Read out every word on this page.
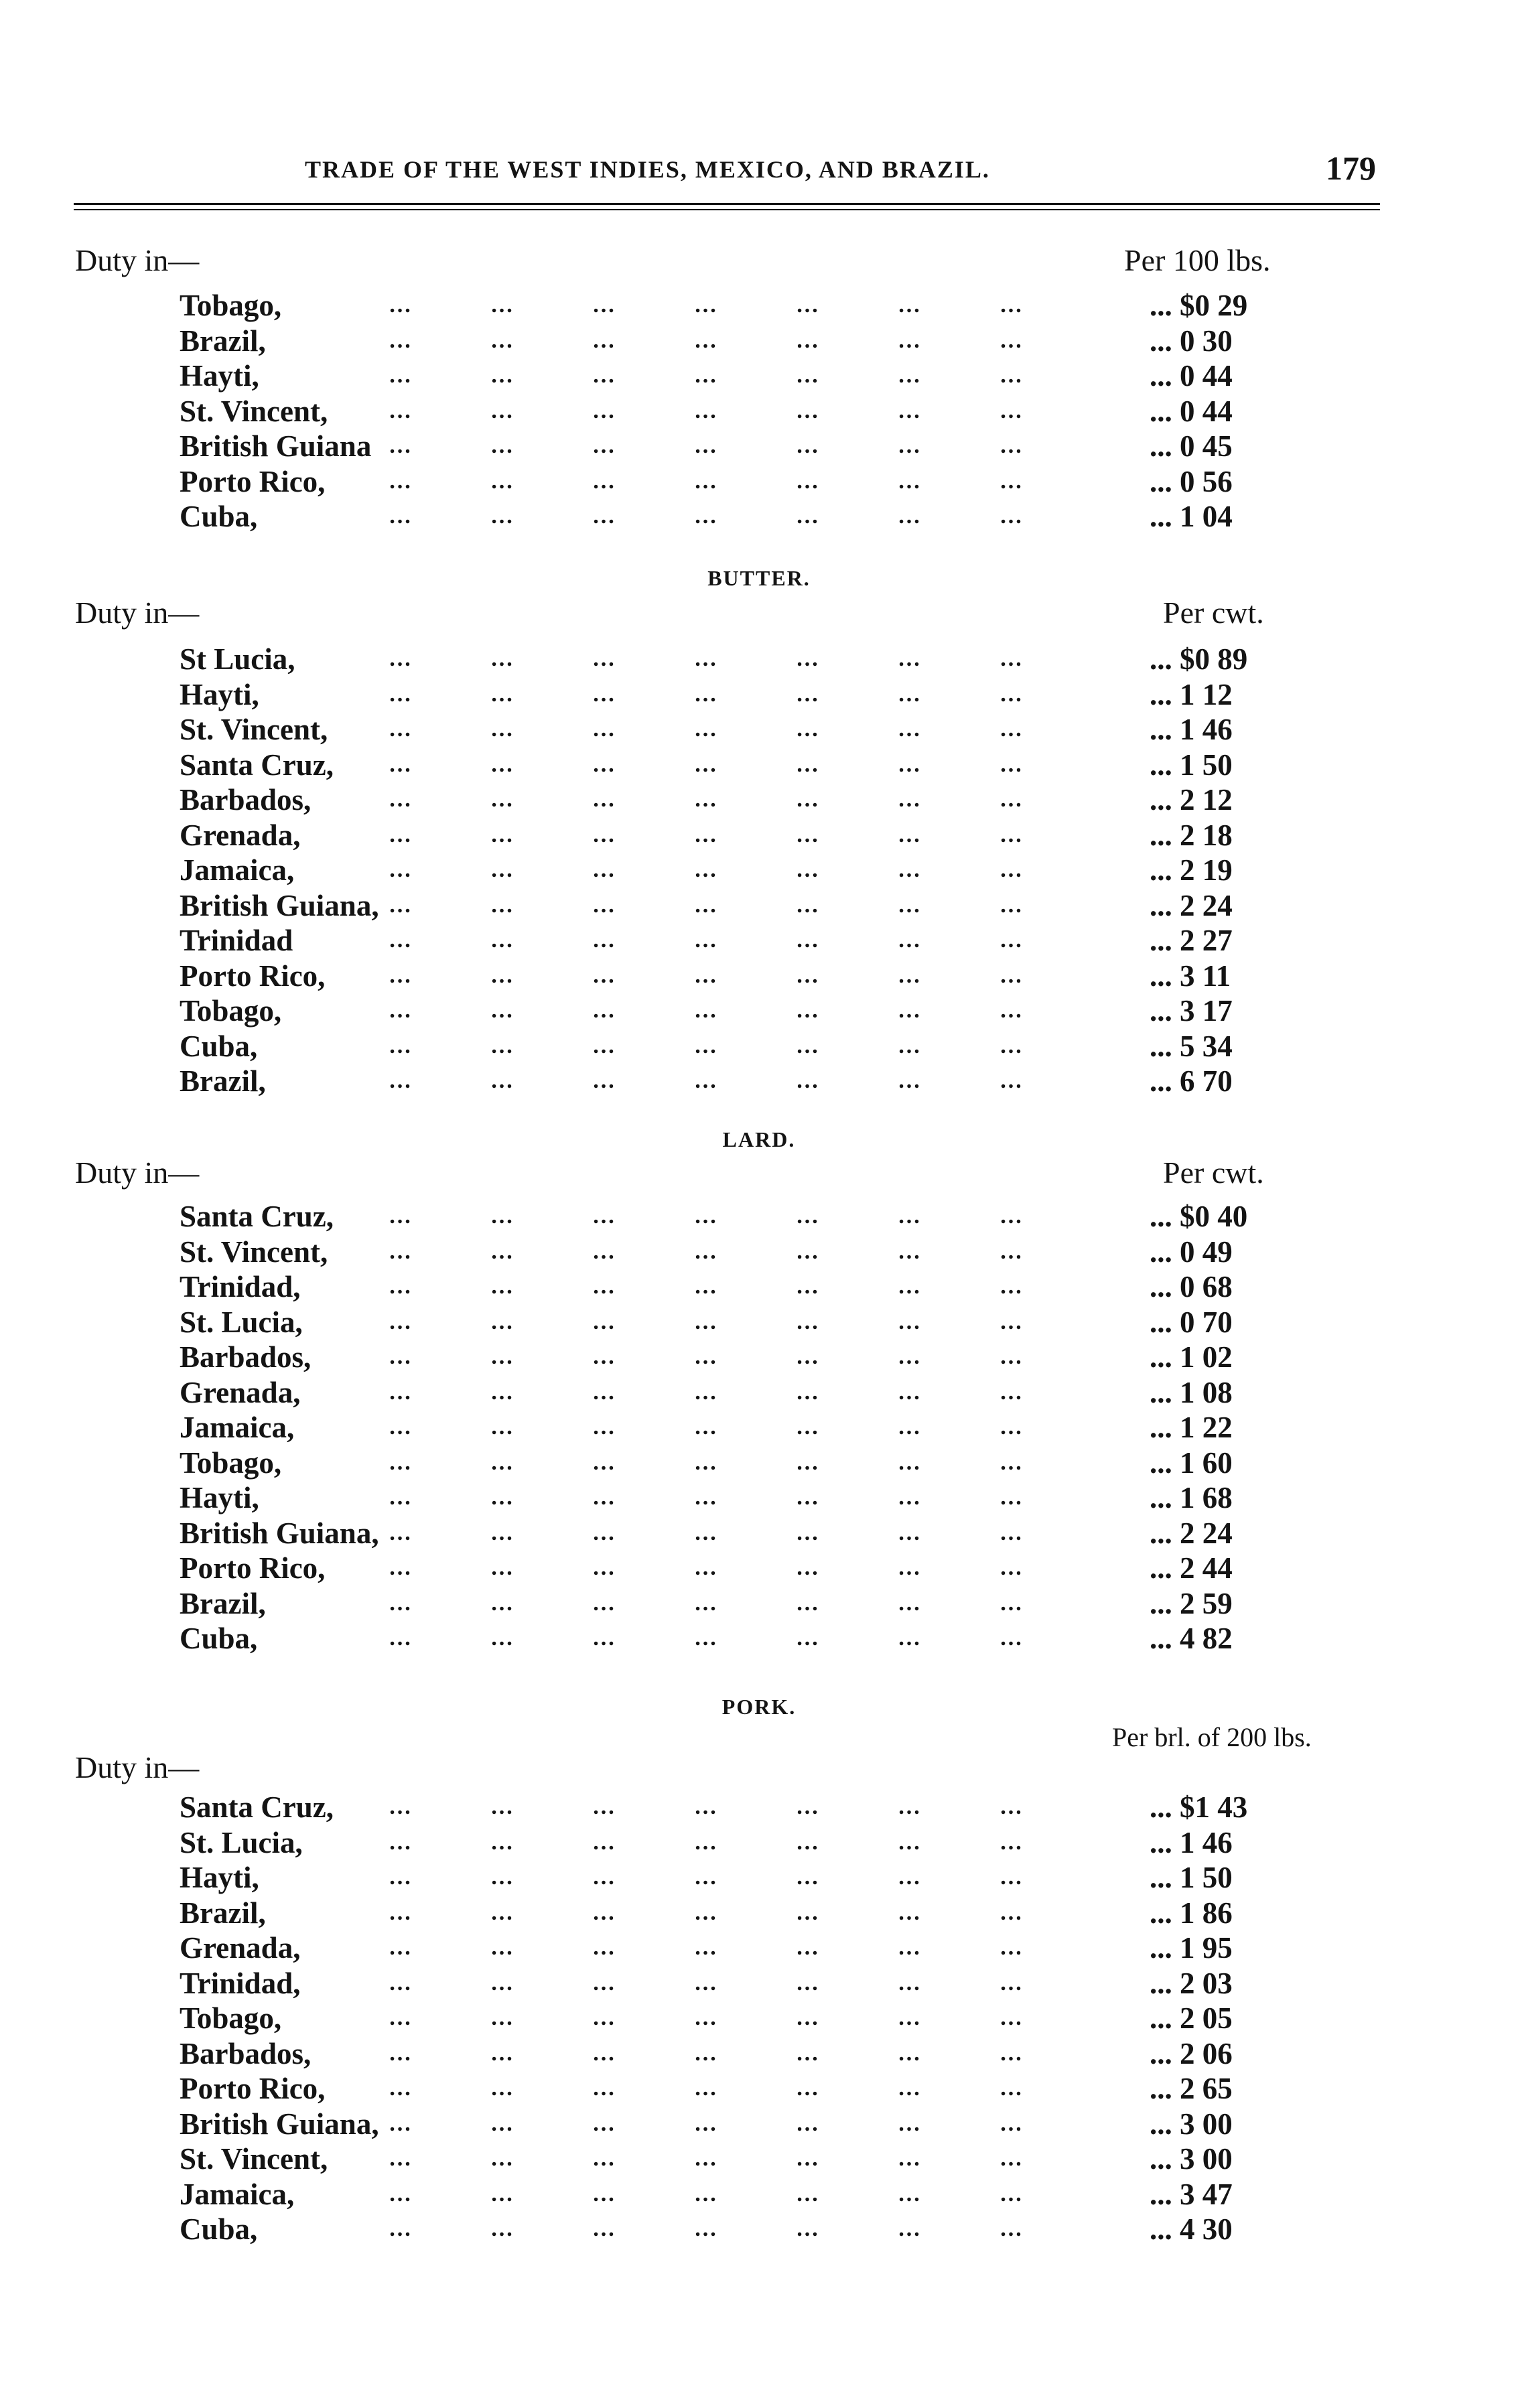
TRADE OF THE WEST INDIES, MEXICO, AND BRAZIL.	179
Duty in—	Per 100 lbs.
Tobago,	…	…	…	…	…	…	…	... $0 29
Brazil,	…	…	…	…	…	…	…	... 0 30
Hayti,	…	…	…	…	…	…	…	... 0 44
St. Vincent,	…	…	…	…	…	…	…	... 0 44
British Guiana …	…	…	…	…	…	…	... 0 45
Porto Rico,	…	…	…	…	…	…	…	... 0 56
Cuba,	…	…	…	…	…	…	…	... 1 04
BUTTER.
Duty in—	Per cwt.
St Lucia,	…	…	…	…	…	…	…	... $0 89
Hayti,	…	…	…	…	…	…	…	... 1 12
St. Vincent,	…	…	…	…	…	…	…	... 1 46
Santa Cruz, …	…	…	…	…	…	…	... 1 50
Barbados,	…	…	…	…	…	…	…	... 2 12
Grenada,	…	…	…	…	…	…	…	... 2 18
Jamaica,	…	…	…	…	…	…	…	... 2 19
British Guiana, …	…	…	…	…	…	…	... 2 24
Trinidad	…	…	…	…	…	…	…	... 2 27
Porto Rico,	…	…	…	…	…	…	…	... 3 11
Tobago,	…	…	…	…	…	…	…	... 3 17
Cuba,	…	…	…	…	…	…	…	... 5 34
Brazil,	…	…	…	…	…	…	…	... 6 70
LARD.
Duty in—	Per cwt.
Santa Cruz, …	…	…	…	…	…	…	... $0 40
St. Vincent,	…	…	…	…	…	…	…	... 0 49
Trinidad,	…	…	…	…	…	…	…	... 0 68
St. Lucia,	…	…	…	…	…	…	…	... 0 70
Barbados,	…	…	…	…	…	…	…	... 1 02
Grenada,	…	…	…	…	…	…	…	... 1 08
Jamaica,	…	…	…	…	…	…	…	... 1 22
Tobago,	…	…	…	…	…	…	…	... 1 60
Hayti,	…	…	…	…	…	…	…	... 1 68
British Guiana, …	…	…	…	…	…	…	... 2 24
Porto Rico,	…	…	…	…	…	…	…	... 2 44
Brazil,	…	…	…	…	…	…	…	... 2 59
Cuba,	…	…	…	…	…	…	…	... 4 82
PORK.
Per brl. of 200 lbs.
Duty in—
Santa Cruz, …	…	…	…	…	…	…	... $1 43
St. Lucia,	…	…	…	…	…	…	…	... 1 46
Hayti,	…	…	…	…	…	…	…	... 1 50
Brazil,	…	…	…	…	…	…	…	... 1 86
Grenada,	…	…	…	…	…	…	…	... 1 95
Trinidad,	…	…	…	…	…	…	…	... 2 03
Tobago,	…	…	…	…	…	…	…	... 2 05
Barbados,	…	…	…	…	…	…	…	... 2 06
Porto Rico,	…	…	…	…	…	…	…	... 2 65
British Guiana, …	…	…	…	…	…	…	... 3 00
St. Vincent,	…	…	…	…	…	…	…	... 3 00
Jamaica,	…	…	…	…	…	…	…	... 3 47
Cuba,	…	…	…	…	…	…	…	... 4 30
